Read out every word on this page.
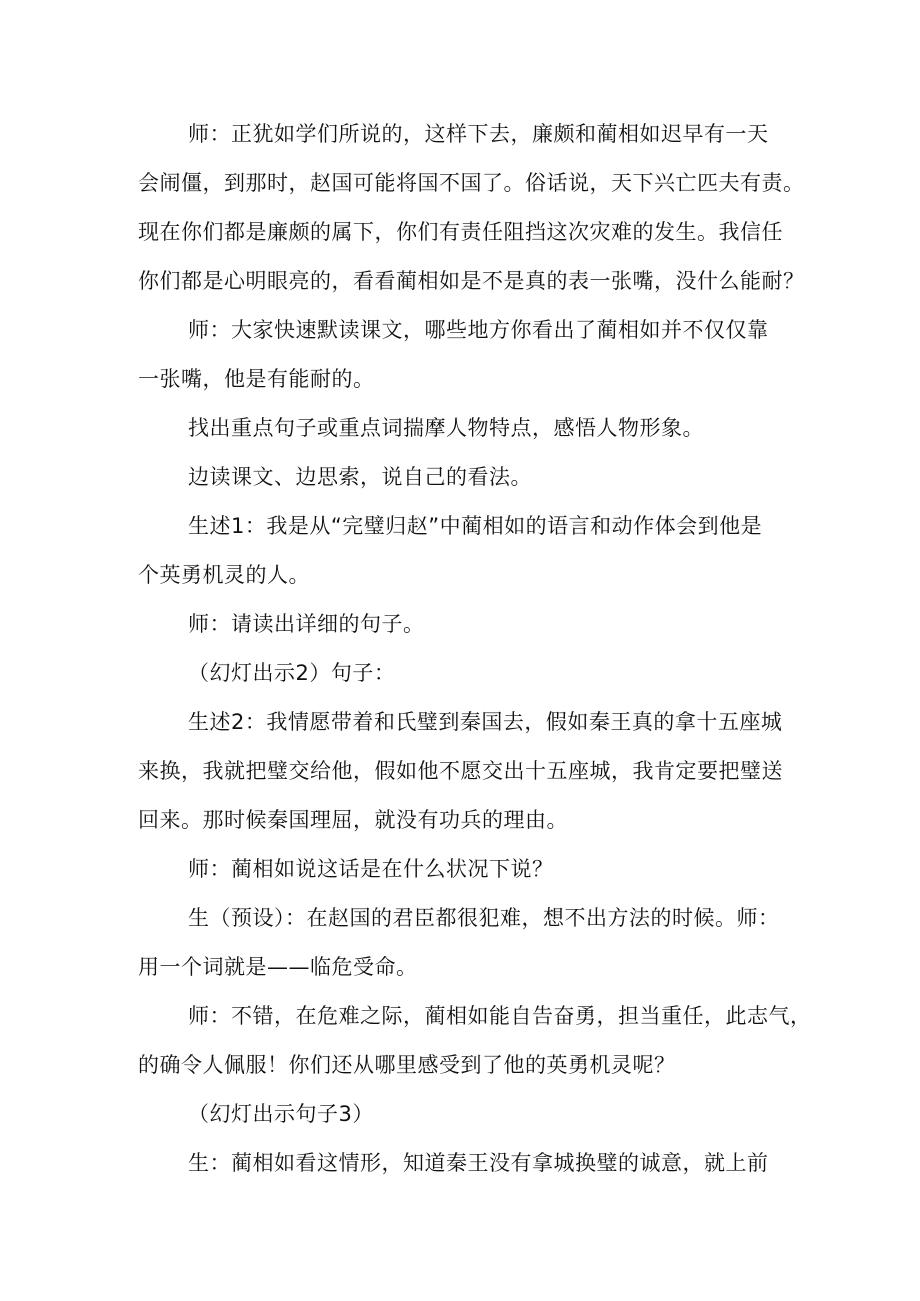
师：正犹如学们所说的，这样下去，廉颇和蔺相如迟早有一天
会闹僵，到那时，赵国可能将国不国了。俗话说，天下兴亡匹夫有责。
现在你们都是廉颇的属下，你们有责任阻挡这次灾难的发生。我信任
你们都是心明眼亮的，看看蔺相如是不是真的表一张嘴，没什么能耐？
师：大家快速默读课文，哪些地方你看出了蔺相如并不仅仅靠
一张嘴，他是有能耐的。
找出重点句子或重点词揣摩人物特点，感悟人物形象。
边读课文、边思索，说自己的看法。
生述1：我是从“完璧归赵”中蔺相如的语言和动作体会到他是
个英勇机灵的人。
师：请读出详细的句子。
（幻灯出示2）句子：
生述2：我情愿带着和氏璧到秦国去，假如秦王真的拿十五座城
来换，我就把璧交给他，假如他不愿交出十五座城，我肯定要把璧送
回来。那时候秦国理屈，就没有功兵的理由。
师：蔺相如说这话是在什么状况下说？
生（预设）：在赵国的君臣都很犯难，想不出方法的时候。师：
用一个词就是——临危受命。
师：不错，在危难之际，蔺相如能自告奋勇，担当重任，此志气，
的确令人佩服！你们还从哪里感受到了他的英勇机灵呢？
（幻灯出示句子3）
生：蔺相如看这情形，知道秦王没有拿城换璧的诚意，就上前
